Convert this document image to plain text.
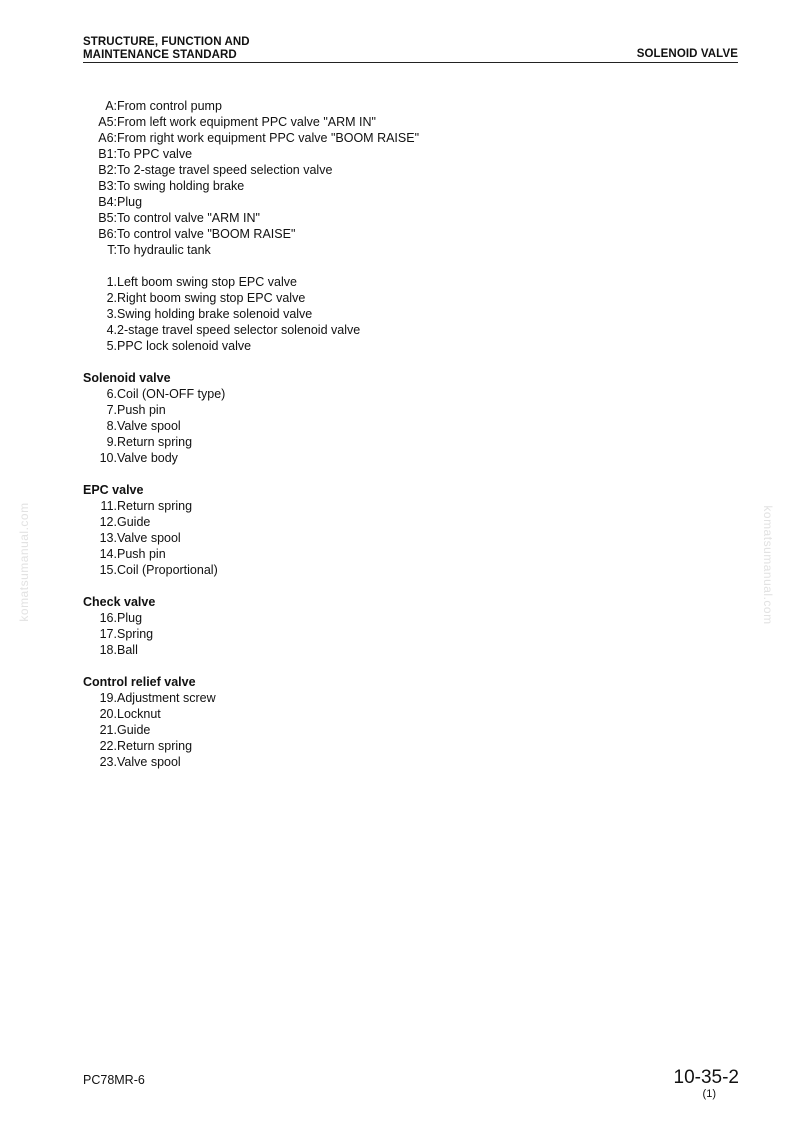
STRUCTURE, FUNCTION AND
MAINTENANCE STANDARD	SOLENOID VALVE
komatsumanual.com	komatsumanual.com
A: From control pump
A5: From left work equipment PPC valve "ARM IN"
A6: From right work equipment PPC valve "BOOM RAISE"
B1: To PPC valve
B2: To 2-stage travel speed selection valve
B3: To swing holding brake
B4: Plug
B5: To control valve "ARM IN"
B6: To control valve "BOOM RAISE"
T: To hydraulic tank
1. Left boom swing stop EPC valve
2. Right boom swing stop EPC valve
3. Swing holding brake solenoid valve
4. 2-stage travel speed selector solenoid valve
5. PPC lock solenoid valve
Solenoid valve
6. Coil (ON-OFF type)
7. Push pin
8. Valve spool
9. Return spring
10. Valve body
EPC valve
11. Return spring
12. Guide
13. Valve spool
14. Push pin
15. Coil (Proportional)
Check valve
16. Plug
17. Spring
18. Ball
Control relief valve
19. Adjustment screw
20. Locknut
21. Guide
22. Return spring
23. Valve spool
PC78MR-6	10-35-2
(1)
